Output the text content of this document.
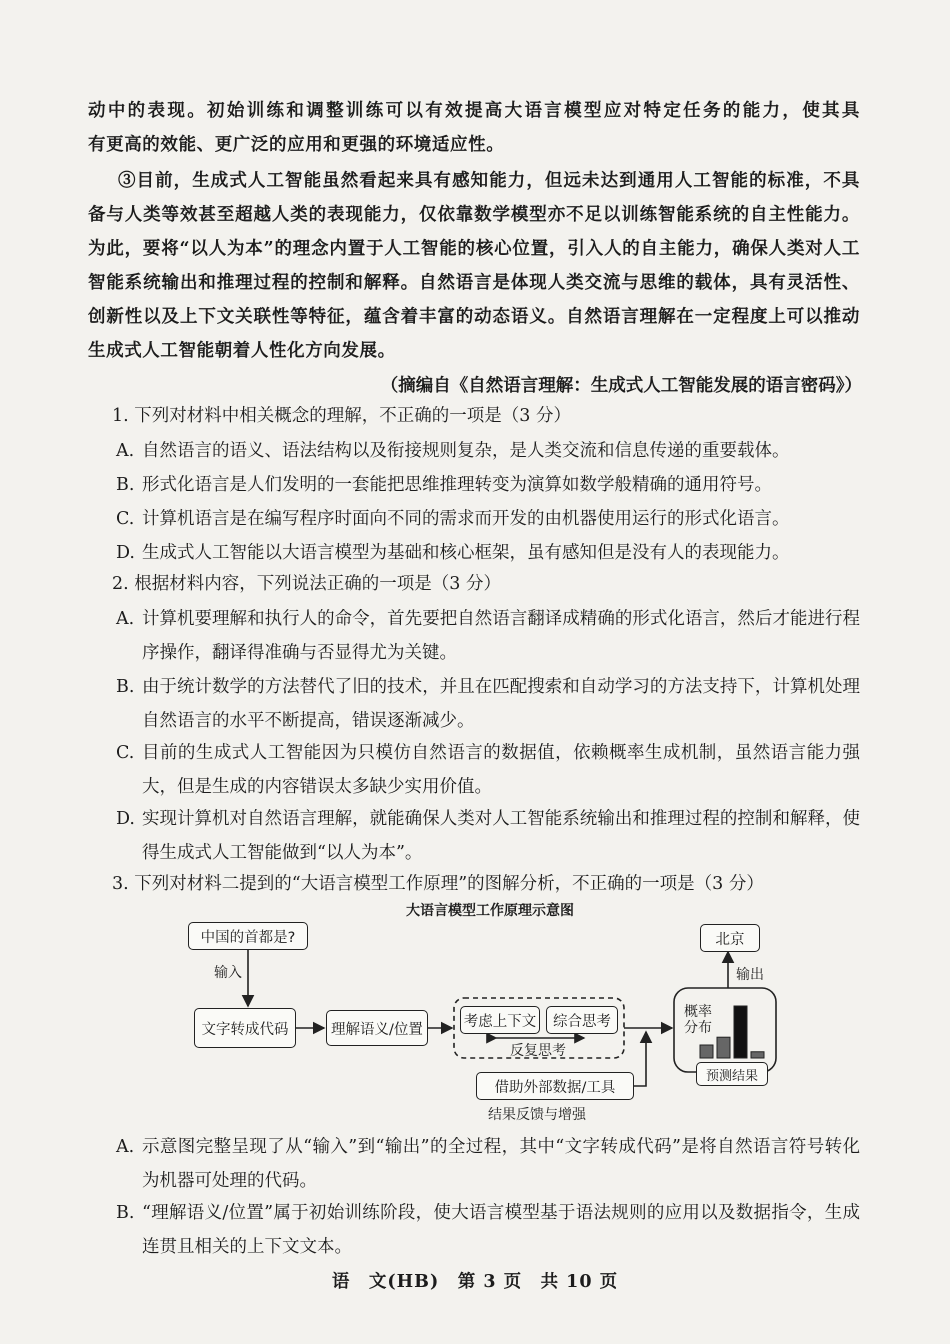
动中的表现。初始训练和调整训练可以有效提高大语言模型应对特定任务的能力，使其具
有更高的效能、更广泛的应用和更强的环境适应性。
③目前，生成式人工智能虽然看起来具有感知能力，但远未达到通用人工智能的标准，不具备与人类等效甚至超越人类的表现能力，仅依靠数学模型亦不足以训练智能系统的自主性能力。为此，要将“以人为本”的理念内置于人工智能的核心位置，引入人的自主能力，确保人类对人工智能系统输出和推理过程的控制和解释。自然语言是体现人类交流与思维的载体，具有灵活性、创新性以及上下文关联性等特征，蕴含着丰富的动态语义。自然语言理解在一定程度上可以推动生成式人工智能朝着人性化方向发展。
（摘编自《自然语言理解：生成式人工智能发展的语言密码》）
1. 下列对材料中相关概念的理解，不正确的一项是（3 分）
A. 自然语言的语义、语法结构以及衔接规则复杂，是人类交流和信息传递的重要载体。
B. 形式化语言是人们发明的一套能把思维推理转变为演算如数学般精确的通用符号。
C. 计算机语言是在编写程序时面向不同的需求而开发的由机器使用运行的形式化语言。
D. 生成式人工智能以大语言模型为基础和核心框架，虽有感知但是没有人的表现能力。
2. 根据材料内容，下列说法正确的一项是（3 分）
A. 计算机要理解和执行人的命令，首先要把自然语言翻译成精确的形式化语言，然后才能进行程序操作，翻译得准确与否显得尤为关键。
B. 由于统计数学的方法替代了旧的技术，并且在匹配搜索和自动学习的方法支持下，计算机处理自然语言的水平不断提高，错误逐渐减少。
C. 目前的生成式人工智能因为只模仿自然语言的数据值，依赖概率生成机制，虽然语言能力强大，但是生成的内容错误太多缺少实用价值。
D. 实现计算机对自然语言理解，就能确保人类对人工智能系统输出和推理过程的控制和解释，使得生成式人工智能做到“以人为本”。
3. 下列对材料二提到的“大语言模型工作原理”的图解分析，不正确的一项是（3 分）
大语言模型工作原理示意图
中国的首都是?
输入
文字转成代码	理解语义/位置	考虑上下文	综合思考
反复思考
借助外部数据/工具
结果反馈与增强
概率
分布
预测结果
输出
北京
A. 示意图完整呈现了从“输入”到“输出”的全过程，其中“文字转成代码”是将自然语言符号转化为机器可处理的代码。
B. “理解语义/位置”属于初始训练阶段，使大语言模型基于语法规则的应用以及数据指令，生成连贯且相关的上下文文本。
语　文(HB)　第 3 页　共 10 页
